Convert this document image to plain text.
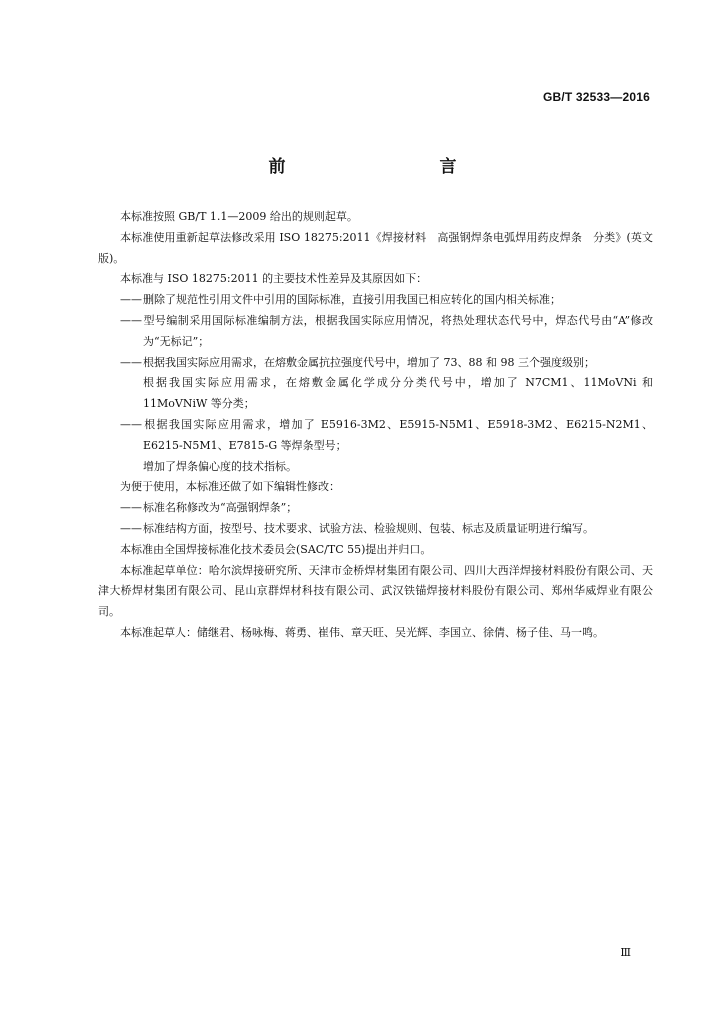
GB/T 32533—2016
前　　言

本标准按照 GB/T 1.1—2009 给出的规则起草。

本标准使用重新起草法修改采用 ISO 18275:2011《焊接材料　高强钢焊条电弧焊用药皮焊条　分类》(英文版)。

本标准与 ISO 18275:2011 的主要技术性差异及其原因如下：

——删除了规范性引用文件中引用的国际标准，直接引用我国已相应转化的国内相关标准；

——型号编制采用国际标准编制方法，根据我国实际应用情况，将热处理状态代号中，焊态代号由“A”修改为“无标记”；

——根据我国实际应用需求，在熔敷金属抗拉强度代号中，增加了 73、88 和 98 三个强度级别；

根据我国实际应用需求，在熔敷金属化学成分分类代号中，增加了 N7CM1、11MoVNi 和 11MoVNiW 等分类；

——根据我国实际应用需求，增加了 E5916-3M2、E5915-N5M1、E5918-3M2、E6215-N2M1、E6215-N5M1、E7815-G 等焊条型号；

增加了焊条偏心度的技术指标。

为便于使用，本标准还做了如下编辑性修改：

——标准名称修改为“高强钢焊条”；

——标准结构方面，按型号、技术要求、试验方法、检验规则、包装、标志及质量证明进行编写。

本标准由全国焊接标准化技术委员会(SAC/TC 55)提出并归口。

本标准起草单位：哈尔滨焊接研究所、天津市金桥焊材集团有限公司、四川大西洋焊接材料股份有限公司、天津大桥焊材集团有限公司、昆山京群焊材科技有限公司、武汉铁锚焊接材料股份有限公司、郑州华威焊业有限公司。

本标准起草人：储继君、杨咏梅、蒋勇、崔伟、章天旺、吴光辉、李国立、徐倩、杨子佳、马一鸣。

Ⅲ
